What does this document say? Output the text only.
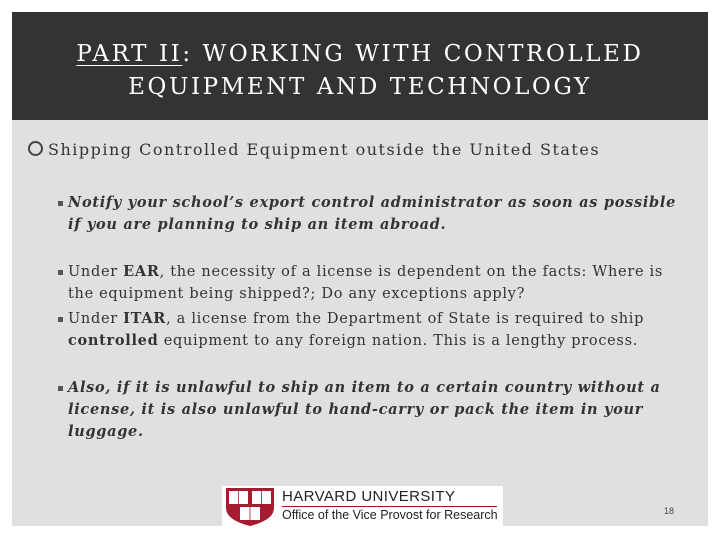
PART II: WORKING WITH CONTROLLED
EQUIPMENT AND TECHNOLOGY
Shipping Controlled Equipment outside the United States
Notify your school’s export control administrator as soon as possible if you are planning to ship an item abroad.
Under EAR, the necessity of a license is dependent on the facts: Where is the equipment being shipped?; Do any exceptions apply?
Under ITAR, a license from the Department of State is required to ship controlled equipment to any foreign nation. This is a lengthy process.
Also, if it is unlawful to ship an item to a certain country without a license, it is also unlawful to hand-carry or pack the item in your luggage.
HARVARD UNIVERSITY
Office of the Vice Provost for Research	18
